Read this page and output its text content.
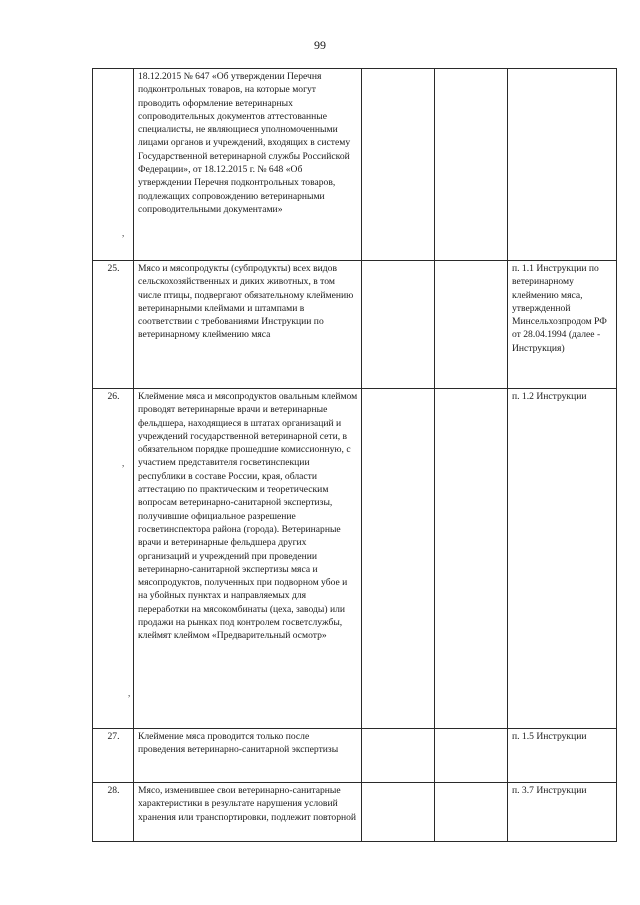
99
,
,
,
	18.12.2015 № 647 «Об утверждении Перечня подконтрольных товаров, на которые могут проводить оформление ветеринарных сопроводительных документов аттестованные специалисты, не являющиеся уполномоченными лицами органов и учреждений, входящих в систему Государственной ветеринарной службы Российской Федерации», от 18.12.2015 г. № 648 «Об утверждении Перечня подконтрольных товаров, подлежащих сопровождению ветеринарными сопроводительными документами»			
25.	Мясо и мясопродукты (субпродукты) всех видов сельскохозяйственных и диких животных, в том числе птицы, подвергают обязательному клеймению ветеринарными клеймами и штампами в соответствии с требованиями Инструкции по ветеринарному клеймению мяса			п. 1.1 Инструкции по ветеринарному клеймению мяса, утвержденной Минсельхозпродом РФ от 28.04.1994 (далее - Инструкция)
26.	Клеймение мяса и мясопродуктов овальным клеймом проводят ветеринарные врачи и ветеринарные фельдшера, находящиеся в штатах организаций и учреждений государственной ветеринарной сети, в обязательном порядке прошедшие комиссионную, с участием представителя госветинспекции республики в составе России, края, области аттестацию по практическим и теоретическим вопросам ветеринарно-санитарной экспертизы, получившие официальное разрешение госветинспектора района (города). Ветеринарные врачи и ветеринарные фельдшера других организаций и учреждений при проведении ветеринарно-санитарной экспертизы мяса и мясопродуктов, полученных при подворном убое и на убойных пунктах и направляемых для переработки на мясокомбинаты (цеха, заводы) или продажи на рынках под контролем госветслужбы, клеймят клеймом «Предварительный осмотр»			п. 1.2 Инструкции
27.	Клеймение мяса проводится только после проведения ветеринарно-санитарной экспертизы			п. 1.5 Инструкции
28.	Мясо, изменившее свои ветеринарно-санитарные характеристики в результате нарушения условий хранения или транспортировки, подлежит повторной			п. 3.7 Инструкции
